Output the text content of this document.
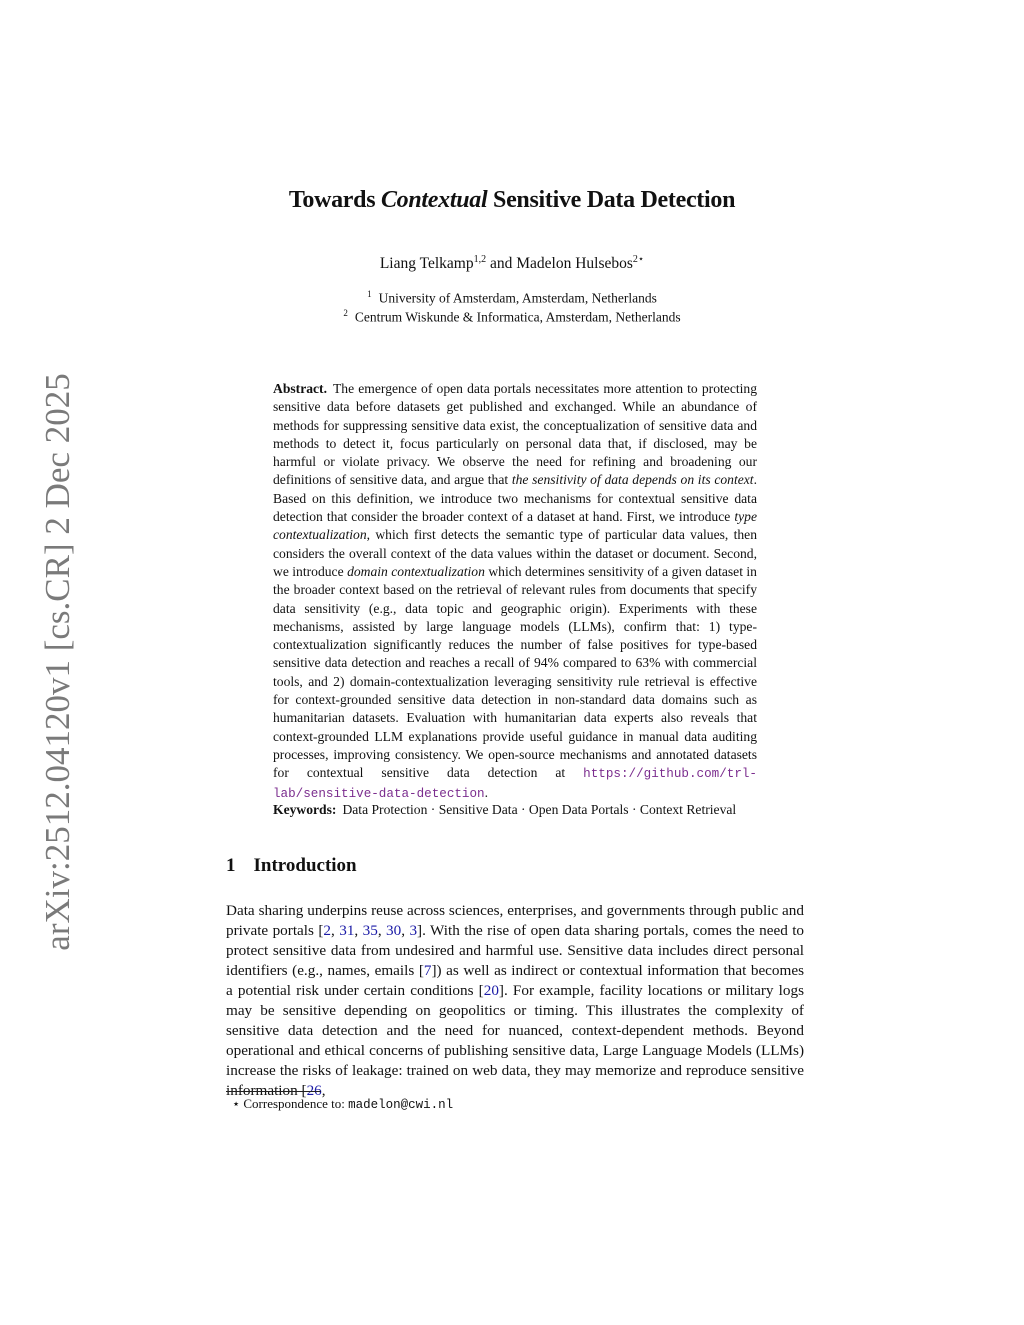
arXiv:2512.04120v1 [cs.CR] 2 Dec 2025
Towards Contextual Sensitive Data Detection
Liang Telkamp$^{1,2}$ and Madelon Hulsebos$^{2⋆}$
$^1$ University of Amsterdam, Amsterdam, Netherlands
$^2$ Centrum Wiskunde & Informatica, Amsterdam, Netherlands
Abstract. The emergence of open data portals necessitates more attention to protecting sensitive data before datasets get published and exchanged. While an abundance of methods for suppressing sensitive data exist, the conceptualization of sensitive data and methods to detect it, focus particularly on personal data that, if disclosed, may be harmful or violate privacy. We observe the need for refining and broadening our definitions of sensitive data, and argue that the sensitivity of data depends on its context. Based on this definition, we introduce two mechanisms for contextual sensitive data detection that consider the broader context of a dataset at hand. First, we introduce type contextualization, which first detects the semantic type of particular data values, then considers the overall context of the data values within the dataset or document. Second, we introduce domain contextualization which determines sensitivity of a given dataset in the broader context based on the retrieval of relevant rules from documents that specify data sensitivity (e.g., data topic and geographic origin). Experiments with these mechanisms, assisted by large language models (LLMs), confirm that: 1) type-contextualization significantly reduces the number of false positives for type-based sensitive data detection and reaches a recall of 94% compared to 63% with commercial tools, and 2) domain-contextualization leveraging sensitivity rule retrieval is effective for context-grounded sensitive data detection in non-standard data domains such as humanitarian datasets. Evaluation with humanitarian data experts also reveals that context-grounded LLM explanations provide useful guidance in manual data auditing processes, improving consistency. We open-source mechanisms and annotated datasets for contextual sensitive data detection at https://github.com/trl-lab/sensitive-data-detection.
Keywords: Data Protection · Sensitive Data · Open Data Portals · Context Retrieval
1 Introduction
Data sharing underpins reuse across sciences, enterprises, and governments through public and private portals [2, 31, 35, 30, 3]. With the rise of open data sharing portals, comes the need to protect sensitive data from undesired and harmful use. Sensitive data includes direct personal identifiers (e.g., names, emails [7]) as well as indirect or contextual information that becomes a potential risk under certain conditions [20]. For example, facility locations or military logs may be sensitive depending on geopolitics or timing. This illustrates the complexity of sensitive data detection and the need for nuanced, context-dependent methods. Beyond operational and ethical concerns of publishing sensitive data, Large Language Models (LLMs) increase the risks of leakage: trained on web data, they may memorize and reproduce sensitive information [26,
⋆ Correspondence to: madelon@cwi.nl
